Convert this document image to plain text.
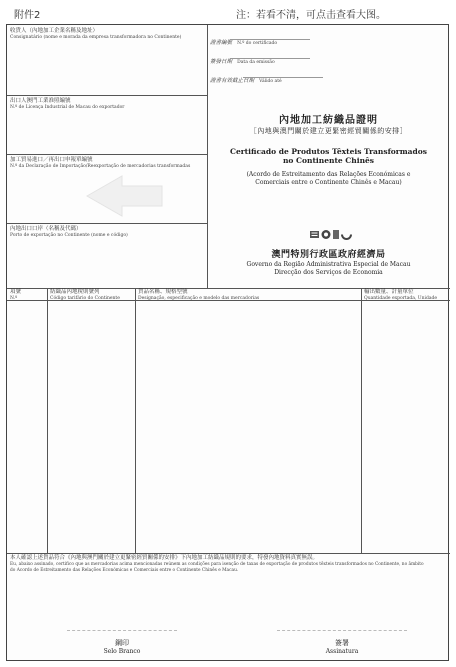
附件2	注：若看不清，可点击查看大图。
收貨人（內地加工企業名稱及地址）
Consignatário (nome e morada da empresa transformadora no Continente)
出口人澳門工業准照編號
N.º de Licença Industrial de Macau do exportador
加工貿易進口／再出口申報單編號
N.º da Declaração de Importação/Reexportação de mercadorias transformadas
內地出口口岸（名稱及代碼）
Porto de exportação no Continente (nome e código)
證書編號 N.º do certificado
簽發日期 Data da emissão
證書有效截止日期 Válido até
內地加工紡織品證明
［內地與澳門關於建立更緊密經貿關係的安排］
Certificado de Produtos Têxteis Transformados
no Continente Chinês
(Acordo de Estreitamento das Relações Económicas e
Comerciais entre o Continente Chinês e Macau)
澳門特別行政區政府經濟局
Governo da Região Administrativa Especial de Macau
Direcção dos Serviços de Economia
項號
N.º
紡織品內地稅則號列
Código tarifário do Continente
貨品名稱、規格型號
Designação, especificação e modelo das mercadorias
輸出數量、計量單位
Quantidade exportada, Unidade
本人確認上述貨品符合《內地與澳門關於建立更緊密經貿關係的安排》下內地加工紡織品規則的要求，特發內地資料真實無誤。
Eu, abaixo assinado, certifico que as mercadorias acima mencionadas reúnem as condições para isenção de taxas de exportação de produtos têxteis transformados no Continente, no âmbito
do Acordo de Estreitamento das Relações Económicas e Comerciais entre o Continente Chinês e Macau.
鋼印
Selo Branco
簽署
Assinatura
